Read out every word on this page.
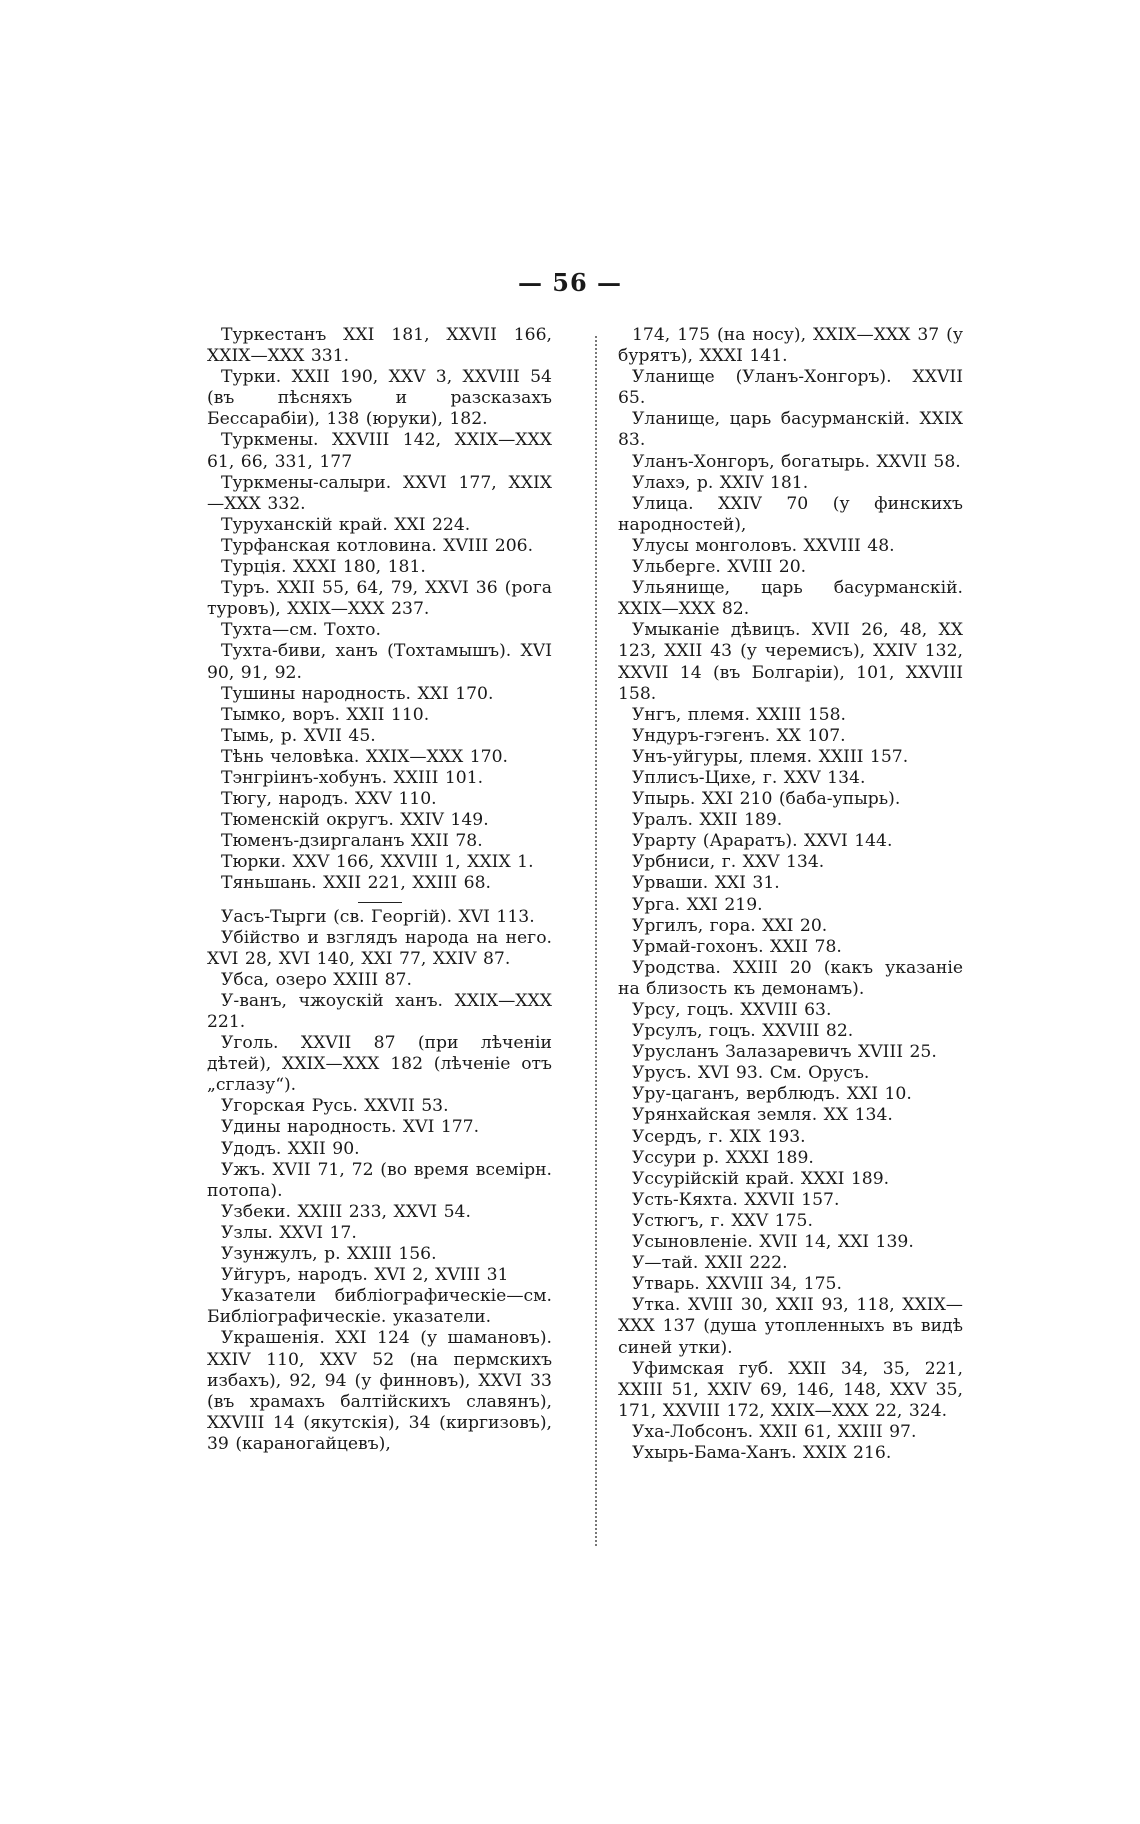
— 56 —

Туркестанъ XXI 181, XXVII 166, XXIX—XXX 331.

Турки. XXII 190, XXV 3, XXVIII 54 (въ пѣсняхъ и разсказахъ Бессарабіи), 138 (юруки), 182.

Туркмены. XXVIII 142, XXIX—XXX 61, 66, 331, 177

Туркмены-салыри. XXVI 177, XXIX—XXX 332.

Туруханскій край. XXI 224.

Турфанская котловина. XVIII 206.

Турція. XXXI 180, 181.

Туръ. XXII 55, 64, 79, XXVI 36 (рога туровъ), XXIX—XXX 237.

Тухта—см. Тохто.

Тухта-биви, ханъ (Тохтамышъ). XVI 90, 91, 92.

Тушины народность. XXI 170.

Тымко, воръ. XXII 110.

Тымь, р. XVII 45.

Тѣнь человѣка. XXIX—XXX 170.

Тэнгріинъ-хобунъ. XXIII 101.

Тюгу, народъ. XXV 110.

Тюменскій округъ. XXIV 149.

Тюменъ-дзиргаланъ XXII 78.

Тюрки. XXV 166, XXVIII 1, XXIX 1.

Тяньшань. XXII 221, XXIII 68.

Уасъ-Тырги (св. Георгій). XVI 113.

Убійство и взглядъ народа на него. XVI 28, XVI 140, XXI 77, XXIV 87.

Убса, озеро XXIII 87.

У-ванъ, чжоускій ханъ. XXIX—XXX 221.

Уголь. XXVII 87 (при лѣченіи дѣтей), XXIX—XXX 182 (лѣченіе отъ „сглазу“).

Угорская Русь. XXVII 53.

Удины народность. XVI 177.

Удодъ. XXII 90.

Ужъ. XVII 71, 72 (во время всемірн. потопа).

Узбеки. XXIII 233, XXVI 54.

Узлы. XXVI 17.

Узунжулъ, р. XXIII 156.

Уйгуръ, народъ. XVI 2, XVIII 31

Указатели библіографическіе—см. Библіографическіе. указатели.

Украшенія. XXI 124 (у шамановъ). XXIV 110, XXV 52 (на пермскихъ избахъ), 92, 94 (у финновъ), XXVI 33 (въ храмахъ балтійскихъ славянъ), XXVIII 14 (якутскія), 34 (киргизовъ), 39 (караногайцевъ),

174, 175 (на носу), XXIX—XXX 37 (у бурятъ), XXXI 141.

Уланище (Уланъ-Хонгоръ). XXVII 65.

Уланище, царь басурманскій. XXIX 83.

Уланъ-Хонгоръ, богатырь. XXVII 58.

Улахэ, р. XXIV 181.

Улица. XXIV 70 (у финскихъ народностей),

Улусы монголовъ. XXVIII 48.

Ульберге. XVIII 20.

Ульянище, царь басурманскій. XXIX—XXX 82.

Умыканіе дѣвицъ. XVII 26, 48, XX 123, XXII 43 (у черемисъ), XXIV 132, XXVII 14 (въ Болгаріи), 101, XXVIII 158.

Унгъ, племя. XXIII 158.

Ундуръ-гэгенъ. XX 107.

Унъ-уйгуры, племя. XXIII 157.

Уплисъ-Цихе, г. XXV 134.

Упырь. XXI 210 (баба-упырь).

Уралъ. XXII 189.

Урарту (Араратъ). XXVI 144.

Урбниси, г. XXV 134.

Урваши. XXI 31.

Урга. XXI 219.

Ургилъ, гора. XXI 20.

Урмай-гохонъ. XXII 78.

Уродства. XXIII 20 (какъ указаніе на близость къ демонамъ).

Урсу, гоцъ. XXVIII 63.

Урсулъ, гоцъ. XXVIII 82.

Уруcланъ Залазаревичъ XVIII 25.

Урусъ. XVI 93. См. Орусъ.

Уру-цаганъ, верблюдъ. XXI 10.

Урянхайская земля. XX 134.

Усердъ, г. XIX 193.

Уссури р. XXXI 189.

Уссурійскій край. XXXI 189.

Усть-Кяхта. XXVII 157.

Устюгъ, г. XXV 175.

Усыновленіе. XVII 14, XXI 139.

У—тай. XXII 222.

Утварь. XXVIII 34, 175.

Утка. XVIII 30, XXII 93, 118, XXIX—XXX 137 (душа утопленныхъ въ видѣ синей утки).

Уфимская губ. XXII 34, 35, 221, XXIII 51, XXIV 69, 146, 148, XXV 35, 171, XXVIII 172, XXIX—XXX 22, 324.

Уха-Лобсонъ. XXII 61, XXIII 97.

Ухырь-Бама-Ханъ. XXIX 216.
